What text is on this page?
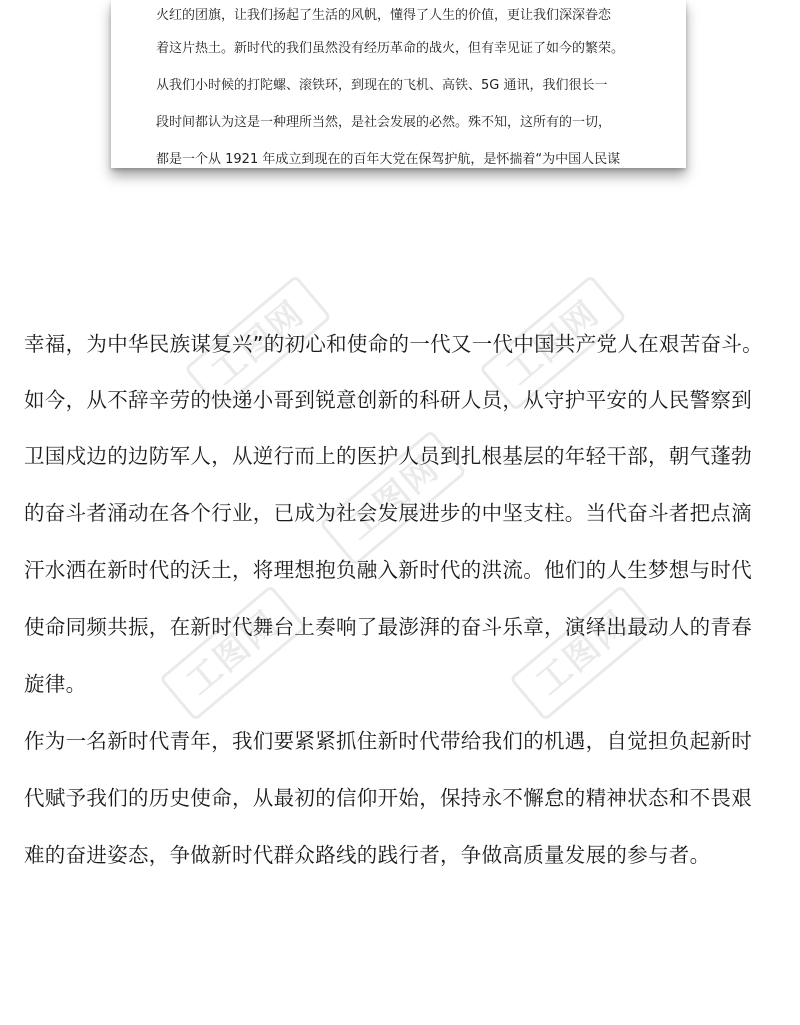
火红的团旗，让我们扬起了生活的风帆，懂得了人生的价值，更让我们深深眷恋
着这片热土。新时代的我们虽然没有经历革命的战火，但有幸见证了如今的繁荣。
从我们小时候的打陀螺、滚铁环，到现在的飞机、高铁、5G 通讯，我们很长一
段时间都认为这是一种理所当然，是社会发展的必然。殊不知，这所有的一切，
都是一个从 1921 年成立到现在的百年大党在保驾护航，是怀揣着“为中国人民谋
工图网	工图网
工图网
工图网	工图网
幸福，为中华民族谋复兴”的初心和使命的一代又一代中国共产党人在艰苦奋斗。
如今，从不辞辛劳的快递小哥到锐意创新的科研人员，从守护平安的人民警察到
卫国戍边的边防军人，从逆行而上的医护人员到扎根基层的年轻干部，朝气蓬勃
的奋斗者涌动在各个行业，已成为社会发展进步的中坚支柱。当代奋斗者把点滴
汗水洒在新时代的沃土，将理想抱负融入新时代的洪流。他们的人生梦想与时代
使命同频共振，在新时代舞台上奏响了最澎湃的奋斗乐章，演绎出最动人的青春
旋律。
作为一名新时代青年，我们要紧紧抓住新时代带给我们的机遇，自觉担负起新时
代赋予我们的历史使命，从最初的信仰开始，保持永不懈怠的精神状态和不畏艰
难的奋进姿态，争做新时代群众路线的践行者，争做高质量发展的参与者。
